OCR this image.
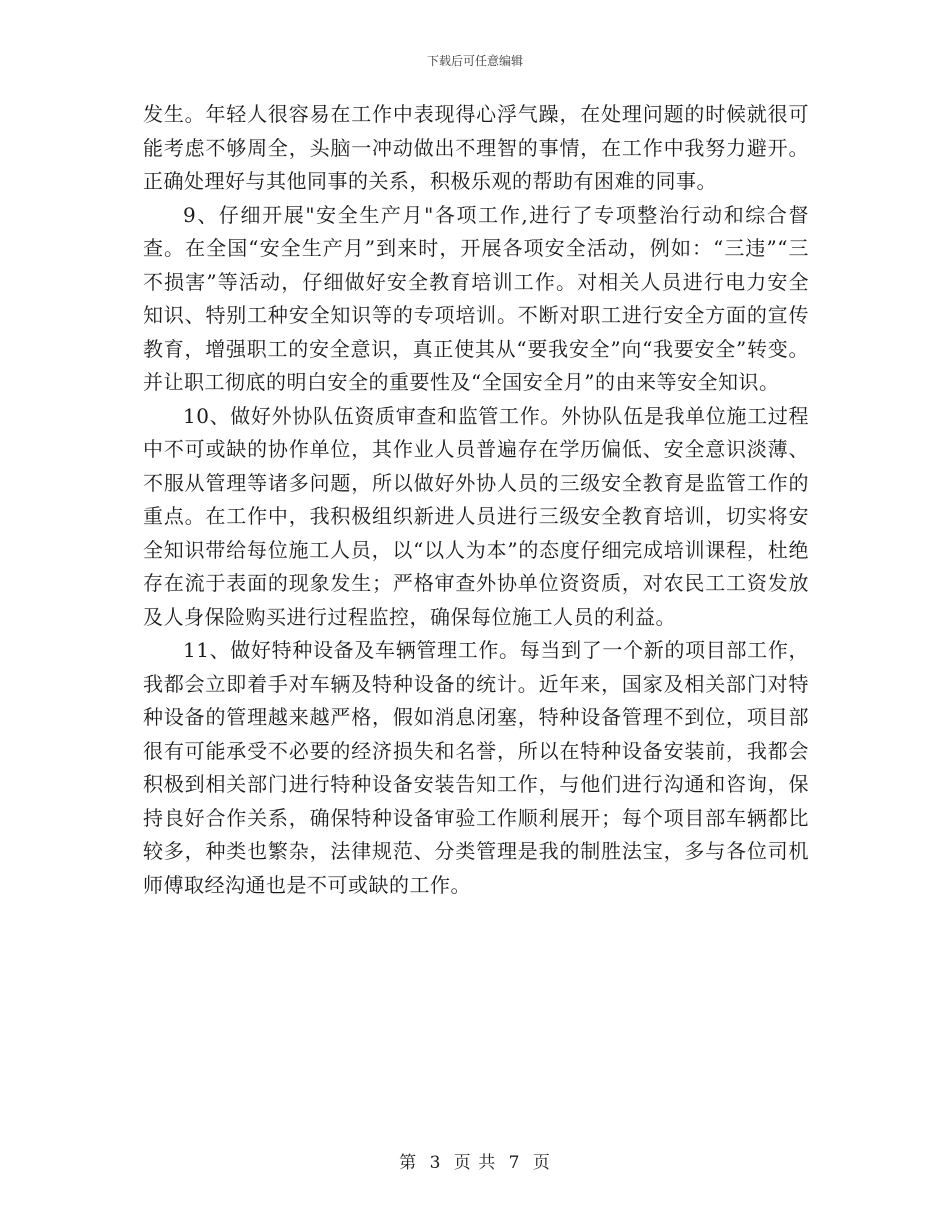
下载后可任意编辑

发生。年轻人很容易在工作中表现得心浮气躁，在处理问题的时候就很可能考虑不够周全，头脑一冲动做出不理智的事情，在工作中我努力避开。正确处理好与其他同事的关系，积极乐观的帮助有困难的同事。

9、仔细开展"安全生产月"各项工作,进行了专项整治行动和综合督查。在全国“安全生产月”到来时，开展各项安全活动，例如：“三违”“三不损害”等活动，仔细做好安全教育培训工作。对相关人员进行电力安全知识、特别工种安全知识等的专项培训。不断对职工进行安全方面的宣传教育，增强职工的安全意识，真正使其从“要我安全”向“我要安全”转变。并让职工彻底的明白安全的重要性及“全国安全月”的由来等安全知识。

10、做好外协队伍资质审查和监管工作。外协队伍是我单位施工过程中不可或缺的协作单位，其作业人员普遍存在学历偏低、安全意识淡薄、不服从管理等诸多问题，所以做好外协人员的三级安全教育是监管工作的重点。在工作中，我积极组织新进人员进行三级安全教育培训，切实将安全知识带给每位施工人员，以“以人为本”的态度仔细完成培训课程，杜绝存在流于表面的现象发生；严格审查外协单位资资质，对农民工工资发放及人身保险购买进行过程监控，确保每位施工人员的利益。

11、做好特种设备及车辆管理工作。每当到了一个新的项目部工作，我都会立即着手对车辆及特种设备的统计。近年来，国家及相关部门对特种设备的管理越来越严格，假如消息闭塞，特种设备管理不到位，项目部很有可能承受不必要的经济损失和名誉，所以在特种设备安装前，我都会积极到相关部门进行特种设备安装告知工作，与他们进行沟通和咨询，保持良好合作关系，确保特种设备审验工作顺利展开；每个项目部车辆都比较多，种类也繁杂，法律规范、分类管理是我的制胜法宝，多与各位司机师傅取经沟通也是不可或缺的工作。

第 3 页 共 7 页
